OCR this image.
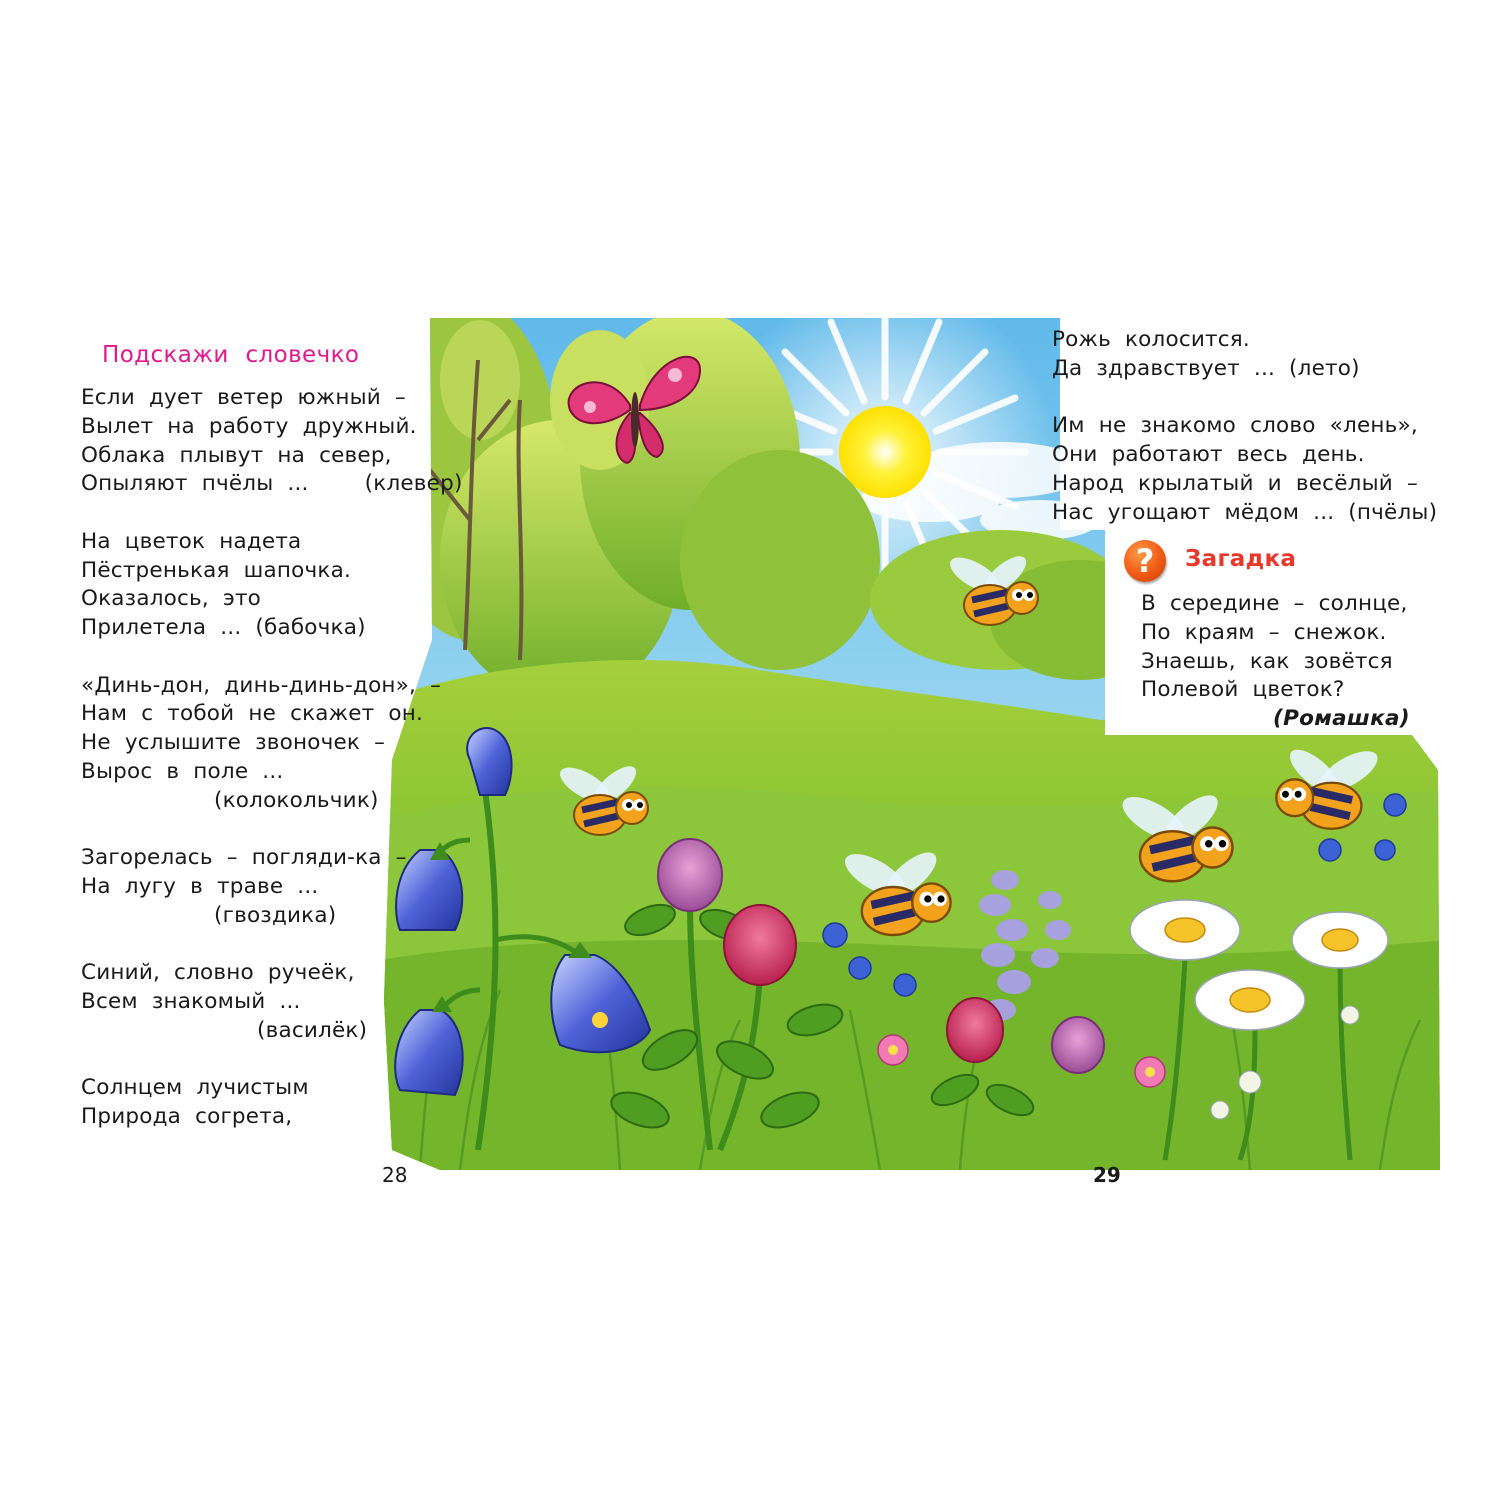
Подскажи словечко
Если дует ветер южный –
Вылет на работу дружный.
Облака плывут на север,
Опыляют пчёлы ...    (клевер)
На цветок надета
Пёстренькая шапочка.
Оказалось, это
Прилетела ... (бабочка)
«Динь-дон, динь-динь-дон», –
Нам с тобой не скажет он.
Не услышите звоночек –
Вырос в поле ...
(колокольчик)
Загорелась – погляди-ка –
На лугу в траве ...
(гвоздика)
Синий, словно ручеёк,
Всем знакомый ...
(василёк)
Солнцем лучистым
Природа согрета,
28
Рожь колосится.
Да здравствует ... (лето)
Им не знакомо слово «лень»,
Они работают весь день.
Народ крылатый и весёлый –
Нас угощают мёдом ... (пчёлы)
?	Загадка
В середине – солнце,
По краям – снежок.
Знаешь, как зовётся
Полевой цветок?
(Ромашка)
29
